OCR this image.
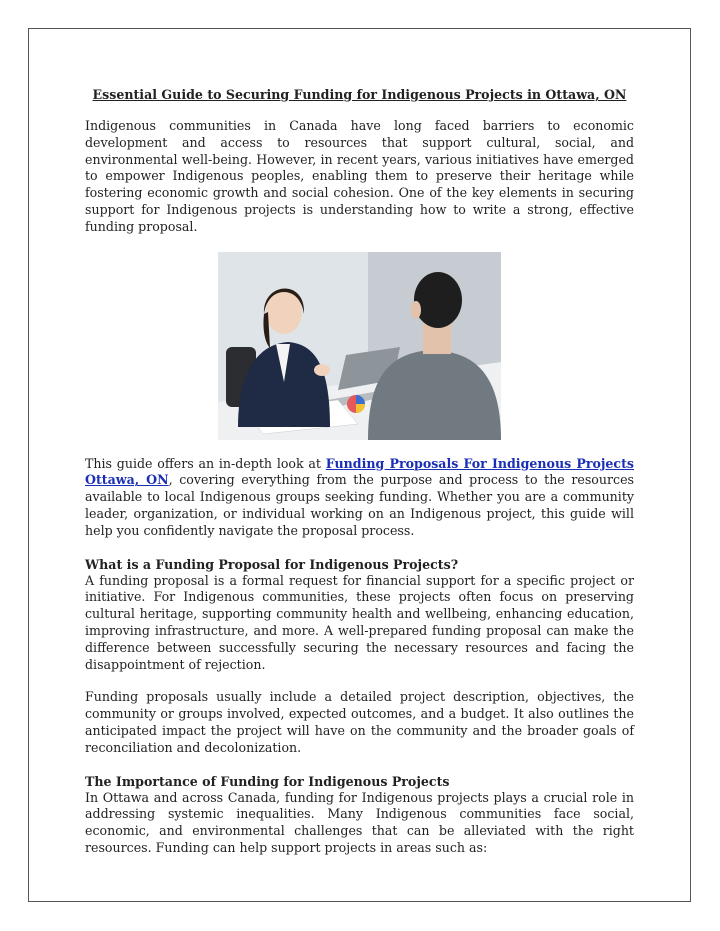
Essential Guide to Securing Funding for Indigenous Projects in Ottawa, ON

Indigenous communities in Canada have long faced barriers to economic development and access to resources that support cultural, social, and environmental well-being. However, in recent years, various initiatives have emerged to empower Indigenous peoples, enabling them to preserve their heritage while fostering economic growth and social cohesion. One of the key elements in securing support for Indigenous projects is understanding how to write a strong, effective funding proposal.

This guide offers an in-depth look at Funding Proposals For Indigenous Projects Ottawa, ON, covering everything from the purpose and process to the resources available to local Indigenous groups seeking funding. Whether you are a community leader, organization, or individual working on an Indigenous project, this guide will help you confidently navigate the proposal process.

What is a Funding Proposal for Indigenous Projects?

A funding proposal is a formal request for financial support for a specific project or initiative. For Indigenous communities, these projects often focus on preserving cultural heritage, supporting community health and wellbeing, enhancing education, improving infrastructure, and more. A well-prepared funding proposal can make the difference between successfully securing the necessary resources and facing the disappointment of rejection.

Funding proposals usually include a detailed project description, objectives, the community or groups involved, expected outcomes, and a budget. It also outlines the anticipated impact the project will have on the community and the broader goals of reconciliation and decolonization.

The Importance of Funding for Indigenous Projects

In Ottawa and across Canada, funding for Indigenous projects plays a crucial role in addressing systemic inequalities. Many Indigenous communities face social, economic, and environmental challenges that can be alleviated with the right resources. Funding can help support projects in areas such as:
